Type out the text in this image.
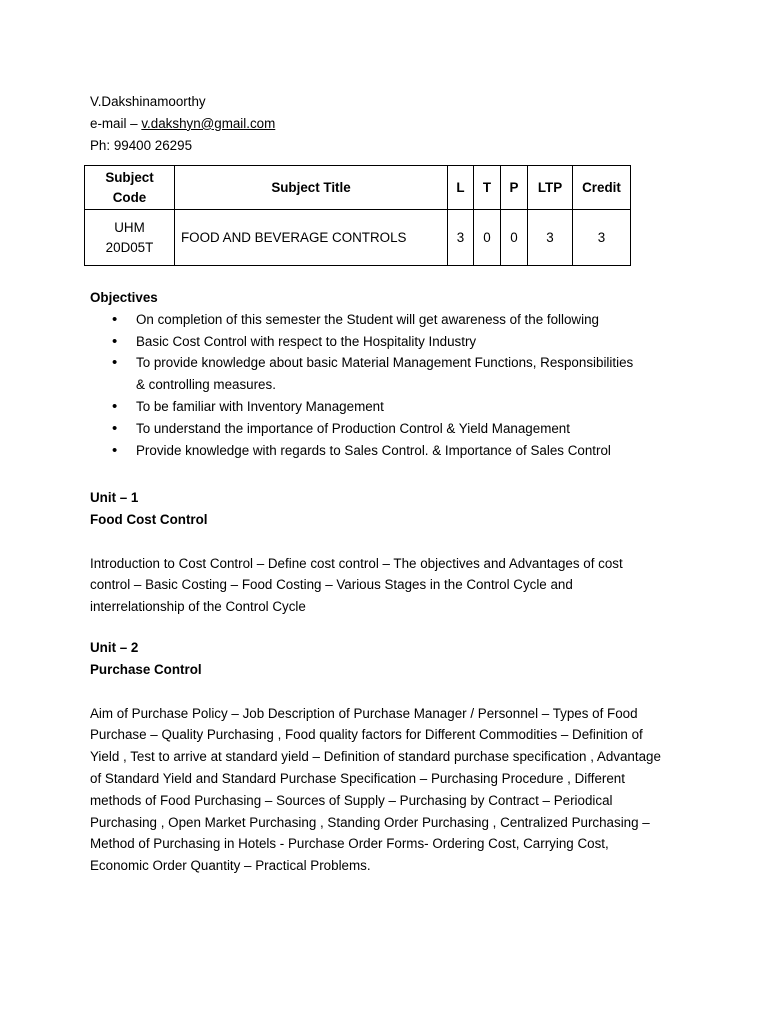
V.Dakshinamoorthy
e-mail – v.dakshyn@gmail.com
Ph: 99400 26295
Subject Code	Subject Title	L	T	P	LTP	Credit
UHM 20D05T	FOOD AND BEVERAGE CONTROLS	3	0	0	3	3
Objectives
• On completion of this semester the Student will get awareness of the following
• Basic Cost Control with respect to the Hospitality Industry
• To provide knowledge about basic Material Management Functions, Responsibilities & controlling measures.
• To be familiar with Inventory Management
• To understand the importance of Production Control & Yield Management
• Provide knowledge with regards to Sales Control. & Importance of Sales Control
Unit – 1
Food Cost Control

Introduction to Cost Control – Define cost control – The objectives and Advantages of cost control – Basic Costing – Food Costing – Various Stages in the Control Cycle and interrelationship of the Control Cycle

Unit – 2
Purchase Control

Aim of Purchase Policy – Job Description of Purchase Manager / Personnel – Types of Food Purchase – Quality Purchasing , Food quality factors for Different Commodities – Definition of Yield , Test to arrive at standard yield – Definition of standard purchase specification , Advantage of Standard Yield and Standard Purchase Specification – Purchasing Procedure , Different methods of Food Purchasing – Sources of Supply – Purchasing by Contract – Periodical Purchasing , Open Market Purchasing , Standing Order Purchasing , Centralized Purchasing – Method of Purchasing in Hotels - Purchase Order Forms- Ordering Cost, Carrying Cost, Economic Order Quantity – Practical Problems.
